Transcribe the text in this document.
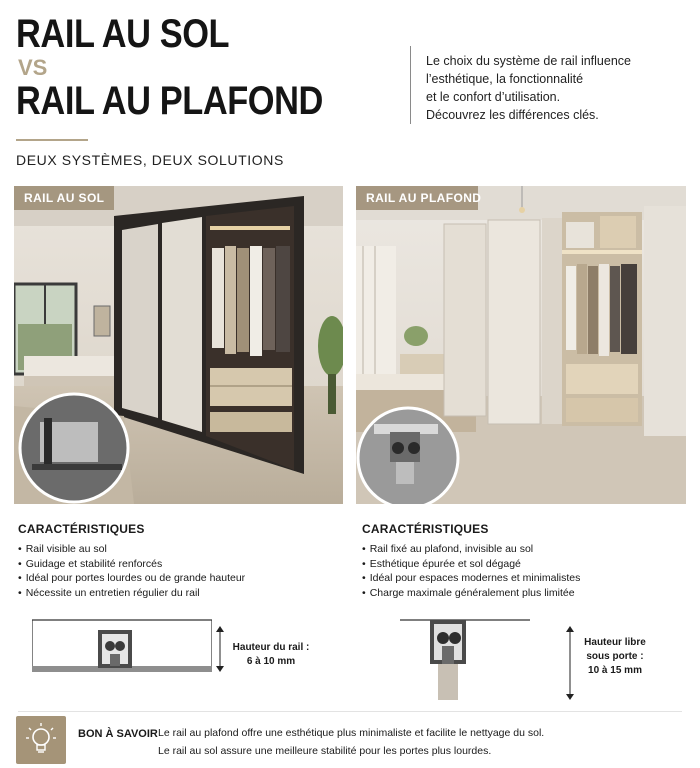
RAIL AU SOL
VS
RAIL AU PLAFOND
Le choix du système de rail influence
l’esthétique, la fonctionnalité
et le confort d’utilisation.
Découvrez les différences clés.
DEUX SYSTÈMES, DEUX SOLUTIONS
RAIL AU SOL	RAIL AU PLAFOND
CARACTÉRISTIQUES
• Rail visible au sol
• Guidage et stabilité renforcés
• Idéal pour portes lourdes ou de grande hauteur
• Nécessite un entretien régulier du rail
CARACTÉRISTIQUES
• Rail fixé au plafond, invisible au sol
• Esthétique épurée et sol dégagé
• Idéal pour espaces modernes et minimalistes
• Charge maximale généralement plus limitée
Hauteur du rail :
6 à 10 mm
Hauteur libre
sous porte :
10 à 15 mm
BON À SAVOIR Le rail au plafond offre une esthétique plus minimaliste et facilite le nettyage du sol.
Le rail au sol assure une meilleure stabilité pour les portes plus lourdes.
